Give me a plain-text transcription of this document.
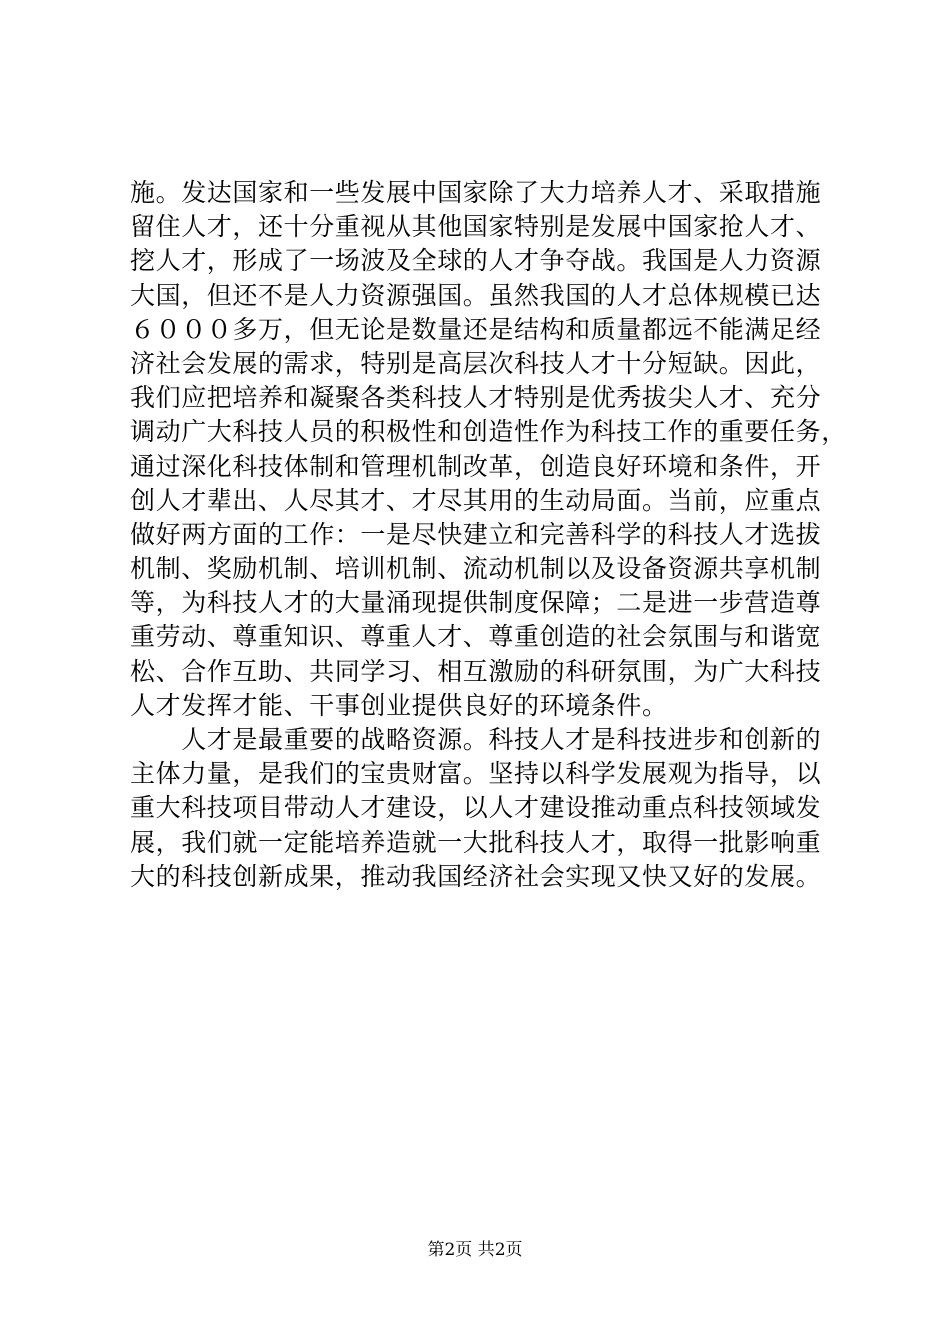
施。发达国家和一些发展中国家除了大力培养人才、采取措施
留住人才，还十分重视从其他国家特别是发展中国家抢人才、
挖人才，形成了一场波及全球的人才争夺战。我国是人力资源
大国，但还不是人力资源强国。虽然我国的人才总体规模已达
６０００多万，但无论是数量还是结构和质量都远不能满足经
济社会发展的需求，特别是高层次科技人才十分短缺。因此，
我们应把培养和凝聚各类科技人才特别是优秀拔尖人才、充分
调动广大科技人员的积极性和创造性作为科技工作的重要任务，
通过深化科技体制和管理机制改革，创造良好环境和条件，开
创人才辈出、人尽其才、才尽其用的生动局面。当前，应重点
做好两方面的工作：一是尽快建立和完善科学的科技人才选拔
机制、奖励机制、培训机制、流动机制以及设备资源共享机制
等，为科技人才的大量涌现提供制度保障；二是进一步营造尊
重劳动、尊重知识、尊重人才、尊重创造的社会氛围与和谐宽
松、合作互助、共同学习、相互激励的科研氛围，为广大科技
人才发挥才能、干事创业提供良好的环境条件。
　　人才是最重要的战略资源。科技人才是科技进步和创新的
主体力量，是我们的宝贵财富。坚持以科学发展观为指导，以
重大科技项目带动人才建设，以人才建设推动重点科技领域发
展，我们就一定能培养造就一大批科技人才，取得一批影响重
大的科技创新成果，推动我国经济社会实现又快又好的发展。
第2页 共2页
